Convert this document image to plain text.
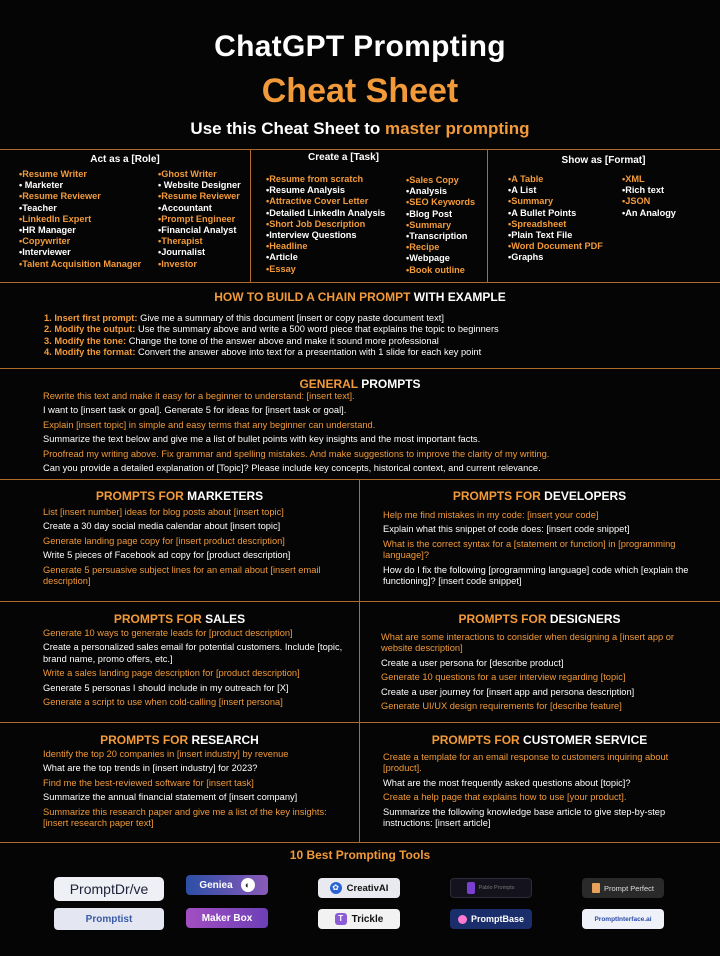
ChatGPT Prompting
Cheat Sheet
Use this Cheat Sheet to master prompting
Act as a [Role]
•Resume Writer
• Marketer
•Resume Reviewer
•Teacher
•LinkedIn Expert
•HR Manager
•Copywriter
•Interviewer
•Talent Acquisition Manager
•Ghost Writer
• Website Designer
•Resume Reviewer
•Accountant
•Prompt Engineer
•Financial Analyst
•Therapist
•Journalist
•Investor
Create a [Task]
•Resume from scratch
•Resume Analysis
•Attractive Cover Letter
•Detailed LinkedIn Analysis
•Short Job Description
•Interview Questions
•Headline
•Article
•Essay
•Sales Copy
•Analysis
•SEO Keywords
•Blog Post
•Summary
•Transcription
•Recipe
•Webpage
•Book outline
Show as [Format]
•A Table
•A List
•Summary
•A Bullet Points
•Spreadsheet
•Plain Text File
•Word Document PDF
•Graphs
•XML
•Rich text
•JSON
•An Analogy
HOW TO BUILD A CHAIN PROMPT WITH EXAMPLE
1. Insert first prompt: Give me a summary of this document [insert or copy paste document text]
2. Modify the output: Use the summary above and write a 500 word piece that explains the topic to beginners
3. Modify the tone: Change the tone of the answer above and make it sound more professional
4. Modify the format: Convert the answer above into text for a presentation with 1 slide for each key point
GENERAL PROMPTS
Rewrite this text and make it easy for a beginner to understand: [insert text].
I want to [insert task or goal]. Generate 5 for ideas for [insert task or goal].
Explain [insert topic] in simple and easy terms that any beginner can understand.
Summarize the text below and give me a list of bullet points with key insights and the most important facts.
Proofread my writing above. Fix grammar and spelling mistakes. And make suggestions to improve the clarity of my writing.
Can you provide a detailed explanation of [Topic]? Please include key concepts, historical context, and current relevance.
PROMPTS FOR MARKETERS
List [insert number] ideas for blog posts about [insert topic]
Create a 30 day social media calendar about [insert topic]
Generate landing page copy for [insert product description]
Write 5 pieces of Facebook ad copy for [product description]
Generate 5 persuasive subject lines for an email about [insert email description]
PROMPTS FOR DEVELOPERS
Help me find mistakes in my code: [insert your code]
Explain what this snippet of code does: [insert code snippet]
What is the correct syntax for a [statement or function] in [programming language]?
How do I fix the following [programming language] code which [explain the functioning]? [insert code snippet]
PROMPTS FOR SALES
Generate 10 ways to generate leads for [product description]
Create a personalized sales email for potential customers. Include [topic, brand name, promo offers, etc.]
Write a sales landing page description for [product description]
Generate 5 personas I should include in my outreach for [X]
Generate a script to use when cold-calling [insert persona]
PROMPTS FOR DESIGNERS
What are some interactions to consider when designing a [insert app or website description]
Create a user persona for [describe product]
Generate 10 questions for a user interview regarding [topic]
Create a user journey for [insert app and persona description]
Generate UI/UX design requirements for [describe feature]
PROMPTS FOR RESEARCH
Identify the top 20 companies in [insert industry] by revenue
What are the top trends in [insert industry] for 2023?
Find me the best-reviewed software for [insert task]
Summarize the annual financial statement of [insert company]
Summarize this research paper and give me a list of the key insights: [insert research paper text]
PROMPTS FOR CUSTOMER SERVICE
Create a template for an email response to customers inquiring about [product].
What are the most frequently asked questions about [topic]?
Create a help page that explains how to use [your product].
Summarize the following knowledge base article to give step-by-step instructions: [insert article]
10 Best Prompting Tools
PromptDr/ve	Geniea	◐	✿ CreativAI	Pablo Prompts	Prompt Perfect
Promptist	Maker Box	T Trickle	PromptBase	PromptInterface.ai
